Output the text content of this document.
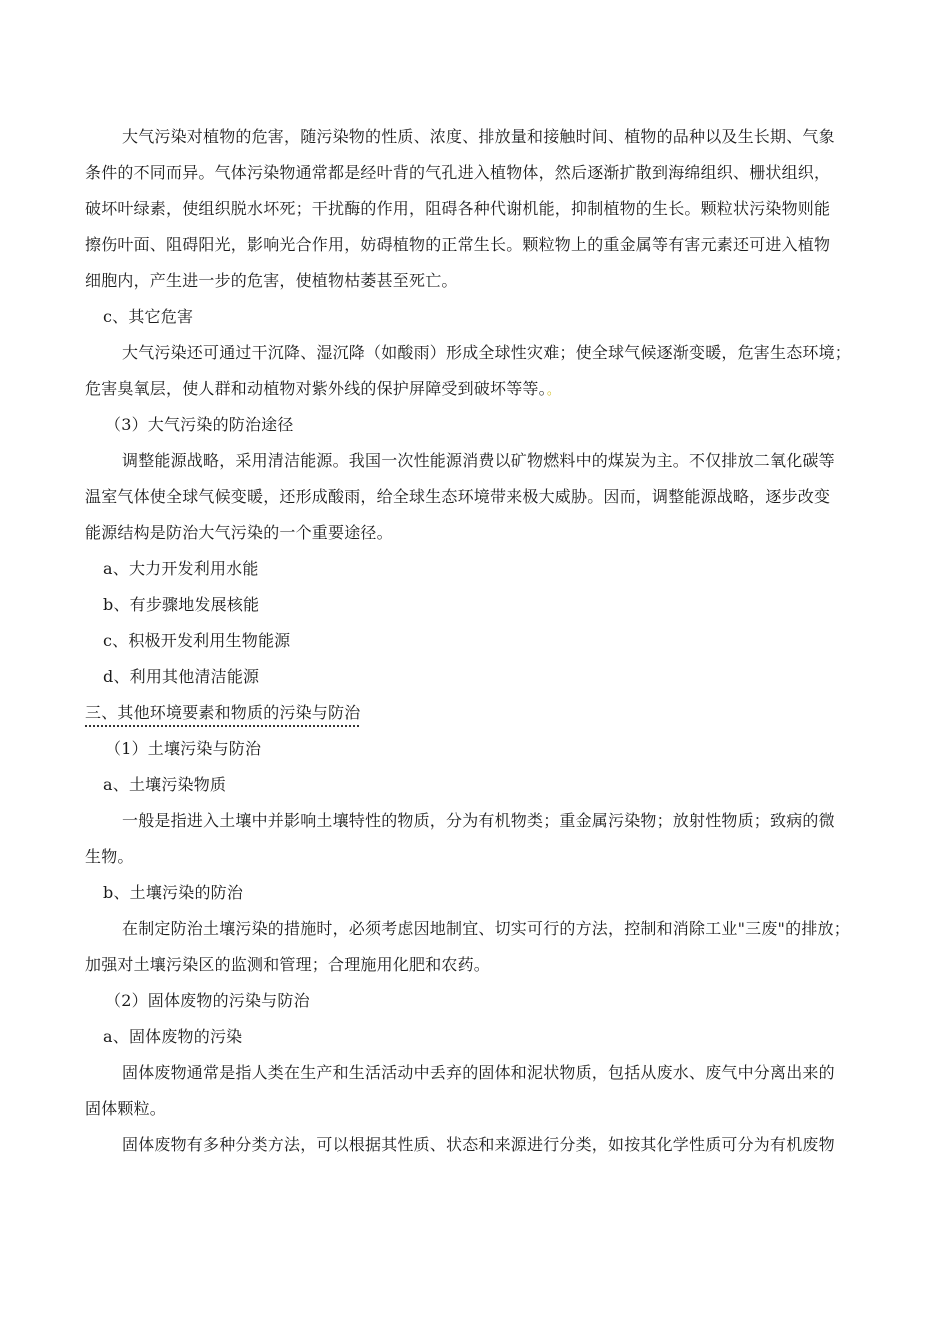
大气污染对植物的危害，随污染物的性质、浓度、排放量和接触时间、植物的品种以及生长期、气象
条件的不同而异。气体污染物通常都是经叶背的气孔进入植物体，然后逐渐扩散到海绵组织、栅状组织，
破坏叶绿素，使组织脱水坏死；干扰酶的作用，阻碍各种代谢机能，抑制植物的生长。颗粒状污染物则能
擦伤叶面、阻碍阳光，影响光合作用，妨碍植物的正常生长。颗粒物上的重金属等有害元素还可进入植物
细胞内，产生进一步的危害，使植物枯萎甚至死亡。
c、其它危害
大气污染还可通过干沉降、湿沉降（如酸雨）形成全球性灾难；使全球气候逐渐变暖，危害生态环境；
危害臭氧层，使人群和动植物对紫外线的保护屏障受到破坏等等。。
（3）大气污染的防治途径
调整能源战略，采用清洁能源。我国一次性能源消费以矿物燃料中的煤炭为主。不仅排放二氧化碳等
温室气体使全球气候变暖，还形成酸雨，给全球生态环境带来极大威胁。因而，调整能源战略，逐步改变
能源结构是防治大气污染的一个重要途径。
a、大力开发利用水能
b、有步骤地发展核能
c、积极开发利用生物能源
d、利用其他清洁能源
三、其他环境要素和物质的污染与防治
（1）土壤污染与防治
a、土壤污染物质
一般是指进入土壤中并影响土壤特性的物质，分为有机物类；重金属污染物；放射性物质；致病的微
生物。
b、土壤污染的防治
在制定防治土壤污染的措施时，必须考虑因地制宜、切实可行的方法，控制和消除工业"三废"的排放；
加强对土壤污染区的监测和管理；合理施用化肥和农药。
（2）固体废物的污染与防治
a、固体废物的污染
固体废物通常是指人类在生产和生活活动中丢弃的固体和泥状物质，包括从废水、废气中分离出来的
固体颗粒。
固体废物有多种分类方法，可以根据其性质、状态和来源进行分类，如按其化学性质可分为有机废物
